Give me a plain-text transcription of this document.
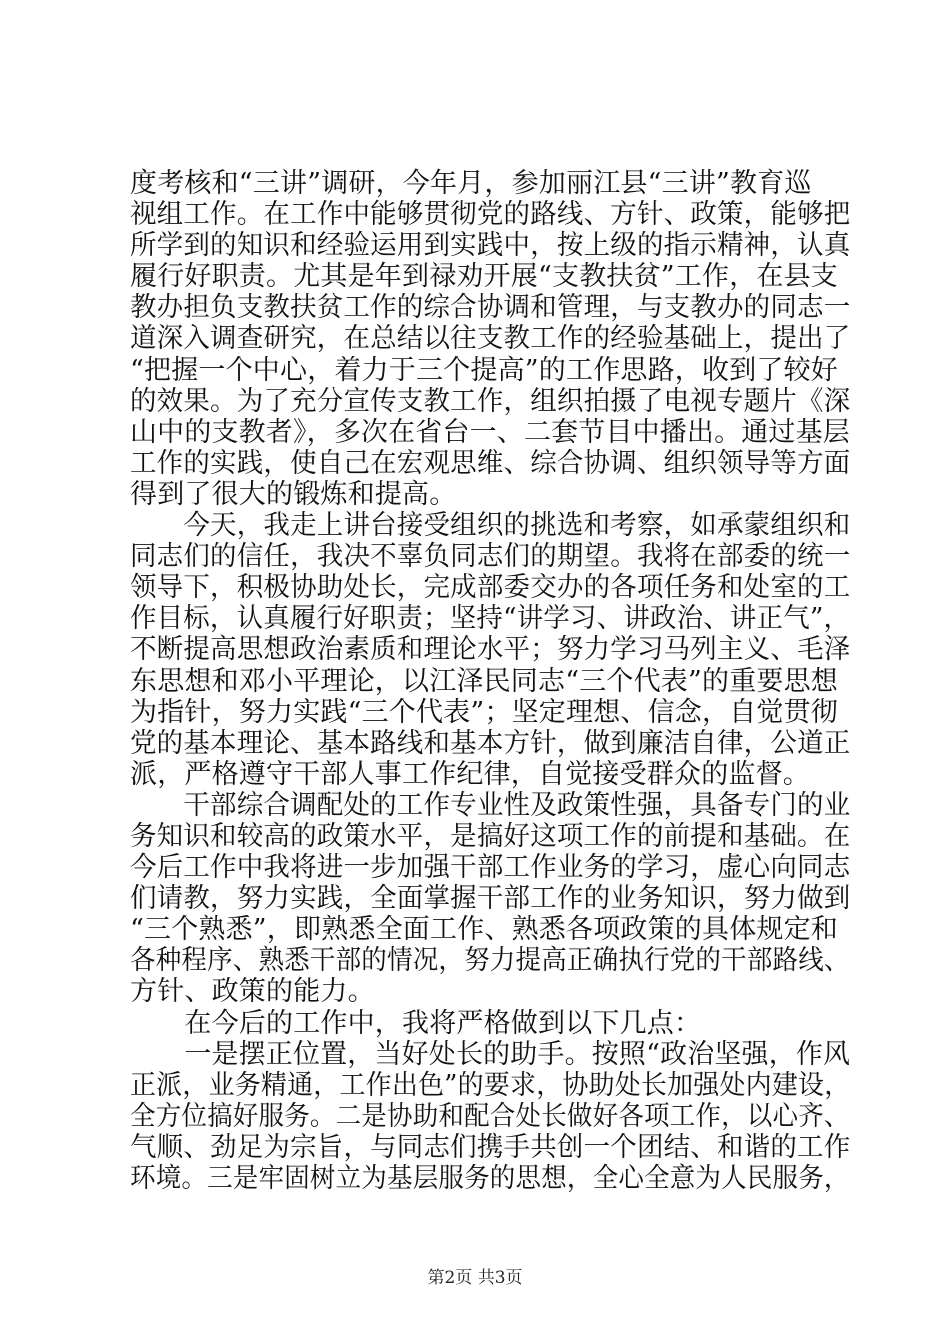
度考核和“三讲”调研，今年月，参加丽江县“三讲”教育巡
视组工作。在工作中能够贯彻党的路线、方针、政策，能够把
所学到的知识和经验运用到实践中，按上级的指示精神，认真
履行好职责。尤其是年到禄劝开展“支教扶贫”工作，在县支
教办担负支教扶贫工作的综合协调和管理，与支教办的同志一
道深入调查研究，在总结以往支教工作的经验基础上，提出了
“把握一个中心，着力于三个提高”的工作思路，收到了较好
的效果。为了充分宣传支教工作，组织拍摄了电视专题片《深
山中的支教者》，多次在省台一、二套节目中播出。通过基层
工作的实践，使自己在宏观思维、综合协调、组织领导等方面
得到了很大的锻炼和提高。
　　今天，我走上讲台接受组织的挑选和考察，如承蒙组织和
同志们的信任，我决不辜负同志们的期望。我将在部委的统一
领导下，积极协助处长，完成部委交办的各项任务和处室的工
作目标，认真履行好职责；坚持“讲学习、讲政治、讲正气”，
不断提高思想政治素质和理论水平；努力学习马列主义、毛泽
东思想和邓小平理论，以江泽民同志“三个代表”的重要思想
为指针，努力实践“三个代表”；坚定理想、信念，自觉贯彻
党的基本理论、基本路线和基本方针，做到廉洁自律，公道正
派，严格遵守干部人事工作纪律，自觉接受群众的监督。
　　干部综合调配处的工作专业性及政策性强，具备专门的业
务知识和较高的政策水平，是搞好这项工作的前提和基础。在
今后工作中我将进一步加强干部工作业务的学习，虚心向同志
们请教，努力实践，全面掌握干部工作的业务知识，努力做到
“三个熟悉”，即熟悉全面工作、熟悉各项政策的具体规定和
各种程序、熟悉干部的情况，努力提高正确执行党的干部路线、
方针、政策的能力。
　　在今后的工作中，我将严格做到以下几点：
　　一是摆正位置，当好处长的助手。按照“政治坚强，作风
正派，业务精通，工作出色”的要求，协助处长加强处内建设，
全方位搞好服务。二是协助和配合处长做好各项工作，以心齐、
气顺、劲足为宗旨，与同志们携手共创一个团结、和谐的工作
环境。三是牢固树立为基层服务的思想，全心全意为人民服务，
第2页 共3页
